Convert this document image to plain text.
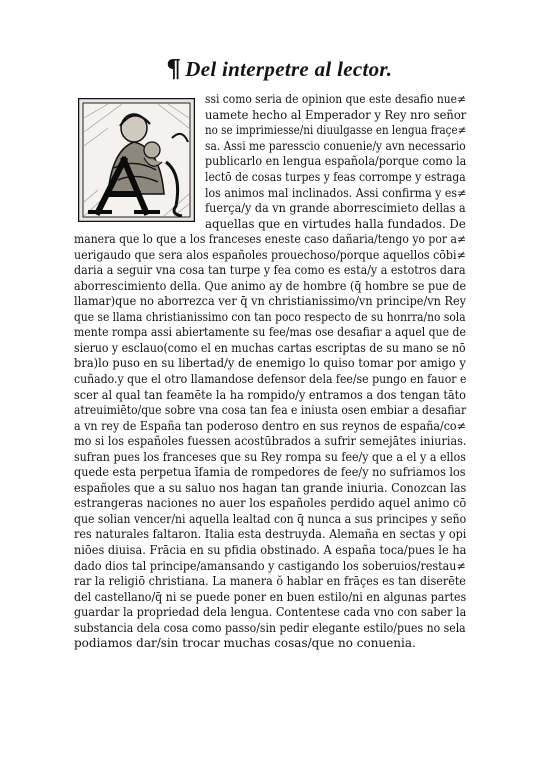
¶ Del interpetre al lector.
ssi como seria de opinion que este desafio nue≠
uamete hecho al Emperador y Rey nro señor
no se imprimiesse/ni diuulgasse en lengua fraçe≠
sa. Assi me paresscio conuenie/y avn necessario
publicarlo en lengua española/porque como la
lectō de cosas turpes y feas corrompe y estraga
los animos mal inclinados. Assi confirma y es≠
fuerça/y da vn grande aborrescimieto dellas a
aquellas que en virtudes halla fundados. De
manera que lo que a los franceses eneste caso dañaria/tengo yo por a≠
uerigaudo que sera alos españoles prouechoso/porque aquellos cōbi≠
daria a seguir vna cosa tan turpe y fea como es esta/y a estotros dara
aborrescimiento della. Que animo ay de hombre (q̄ hombre se pue de
llamar)que no aborrezca ver q̄ vn christianissimo/vn principe/vn Rey
que se llama christianissimo con tan poco respecto de su honrra/no sola
mente rompa assi abiertamente su fee/mas ose desafiar a aquel que de
sieruo y esclauo(como el en muchas cartas escriptas de su mano se nō
bra)lo puso en su libertad/y de enemigo lo quiso tomar por amigo y
cuñado.y que el otro llamandose defensor dela fee/se pungo en fauor e
scer al qual tan feamēte la ha rompido/y entramos a dos tengan tāto
atreuimiēto/que sobre vna cosa tan fea e iniusta osen embiar a desafiar
a vn rey de España tan poderoso dentro en sus reynos de españa/co≠
mo si los españoles fuessen acostūbrados a sufrir semejātes iniurias.
sufran pues los franceses que su Rey rompa su fee/y que a el y a ellos
quede esta perpetua īfamia de rompedores de fee/y no sufriamos los
españoles que a su saluo nos hagan tan grande iniuria. Conozcan las
estrangeras naciones no auer los españoles perdido aquel animo cō
que solian vencer/ni aquella lealtad con q̄ nunca a sus principes y seño
res naturales faltaron. Italia esta destruyda. Alemaña en sectas y opi
niōes diuisa. Frācia en su pfidia obstinado. A españa toca/pues le ha
dado dios tal principe/amansando y castigando los soberuios/restau≠
rar la religiō christiana. La manera ŏ hablar en frāçes es tan diserēte
del castellano/q̄ ni se puede poner en buen estilo/ni en algunas partes
guardar la propriedad dela lengua. Contentese cada vno con saber la
substancia dela cosa como passo/sin pedir elegante estilo/pues no sela
podiamos dar/sin trocar muchas cosas/que no conuenia.
